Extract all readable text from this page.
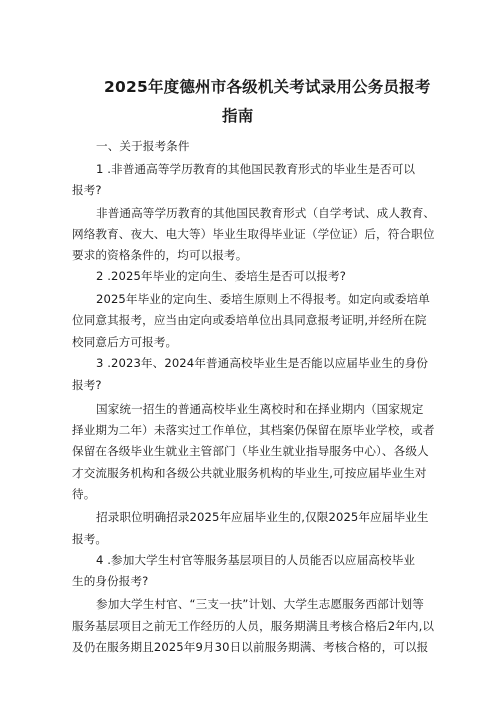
2025年度德州市各级机关考试录用公务员报考
指南
一、关于报考条件
1 .非普通高等学历教育的其他国民教育形式的毕业生是否可以
报考?
非普通高等学历教育的其他国民教育形式（自学考试、成人教育、
网络教育、夜大、电大等）毕业生取得毕业证（学位证）后，符合职位
要求的资格条件的，均可以报考。
2 .2025年毕业的定向生、委培生是否可以报考?
2025年毕业的定向生、委培生原则上不得报考。如定向或委培单
位同意其报考，应当由定向或委培单位出具同意报考证明,并经所在院
校同意后方可报考。
3 .2023年、2024年普通高校毕业生是否能以应届毕业生的身份
报考?
国家统一招生的普通高校毕业生离校时和在择业期内（国家规定
择业期为二年）未落实过工作单位，其档案仍保留在原毕业学校，或者
保留在各级毕业生就业主管部门（毕业生就业指导服务中心）、各级人
才交流服务机构和各级公共就业服务机构的毕业生,可按应届毕业生对
待。
招录职位明确招录2025年应届毕业生的,仅限2025年应届毕业生
报考。
4 .参加大学生村官等服务基层项目的人员能否以应届高校毕业
生的身份报考?
参加大学生村官、“三支一扶”计划、大学生志愿服务西部计划等
服务基层项目之前无工作经历的人员，服务期满且考核合格后2年内,以
及仍在服务期且2025年9月30日以前服务期满、考核合格的，可以报
